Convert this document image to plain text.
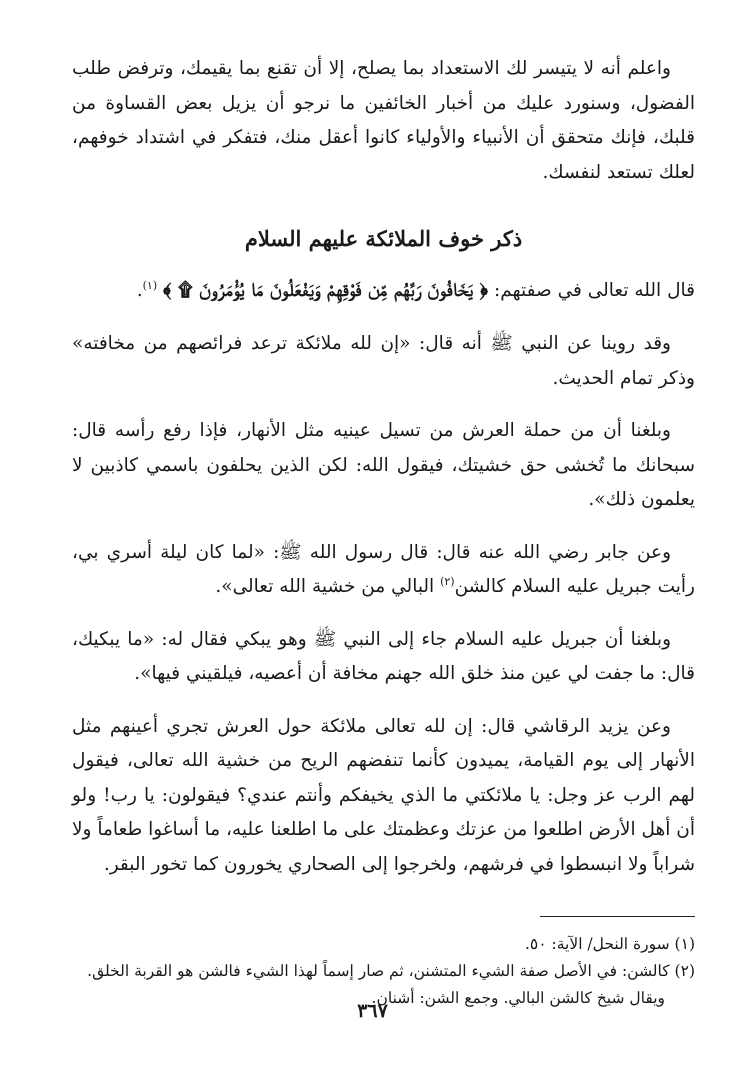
واعلم أنه لا يتيسر لك الاستعداد بما يصلح، إلا أن تقنع بما يقيمك، وترفض طلب الفضول، وسنورد عليك من أخبار الخائفين ما نرجو أن يزيل بعض القساوة من قلبك، فإنك متحقق أن الأنبياء والأولياء كانوا أعقل منك، فتفكر في اشتداد خوفهم، لعلك تستعد لنفسك.

ذكر خوف الملائكة عليهم السلام

قال الله تعالى في صفتهم: ﴿ يَخَافُونَ رَبَّهُم مِّن فَوْقِهِمْ وَيَفْعَلُونَ مَا يُؤْمَرُونَ ۩ ﴾ $^{(١)}$.

وقد روينا عن النبي ﷺ أنه قال: «إن لله ملائكة ترعد فرائصهم من مخافته» وذكر تمام الحديث.

وبلغنا أن من حملة العرش من تسيل عينيه مثل الأنهار، فإذا رفع رأسه قال: سبحانك ما تُخشى حق خشيتك، فيقول الله: لكن الذين يحلفون باسمي كاذبين لا يعلمون ذلك».

وعن جابر رضي الله عنه قال: قال رسول الله ﷺ: «لما كان ليلة أسري بي، رأيت جبريل عليه السلام كالشن$^{(٢)}$ البالي من خشية الله تعالى».

وبلغنا أن جبريل عليه السلام جاء إلى النبي ﷺ وهو يبكي فقال له: «ما يبكيك، قال: ما جفت لي عين منذ خلق الله جهنم مخافة أن أعصيه، فيلقيني فيها».

وعن يزيد الرقاشي قال: إن لله تعالى ملائكة حول العرش تجري أعينهم مثل الأنهار إلى يوم القيامة، يميدون كأنما تنفضهم الريح من خشية الله تعالى، فيقول لهم الرب عز وجل: يا ملائكتي ما الذي يخيفكم وأنتم عندي؟ فيقولون: يا رب! ولو أن أهل الأرض اطلعوا من عزتك وعظمتك على ما اطلعنا عليه، ما أساغوا طعاماً ولا شراباً ولا انبسطوا في فرشهم، ولخرجوا إلى الصحاري يخورون كما تخور البقر.

(١) سورة النحل/ الآية: ٥٠.

(٢) كالشن: في الأصل صفة الشيء المتشنن، ثم صار إسماً لهذا الشيء فالشن هو القربة الخلق.

ويقال شيخ كالشن البالي. وجمع الشن: أشنان.

٣٦٧
